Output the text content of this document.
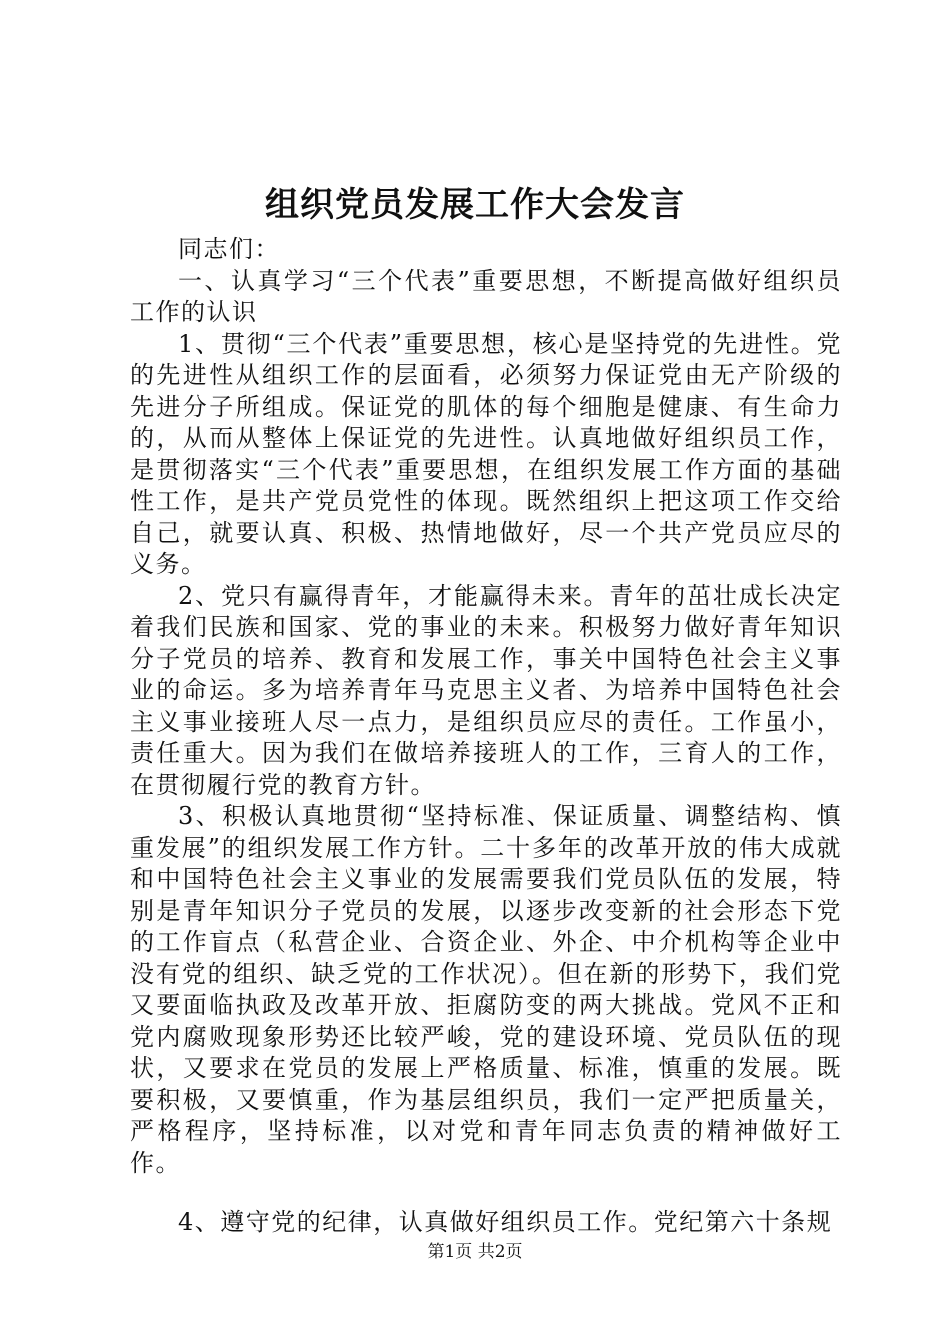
组织党员发展工作大会发言

同志们：

一、认真学习“三个代表”重要思想，不断提高做好组织员工作的认识

1、贯彻“三个代表”重要思想，核心是坚持党的先进性。党的先进性从组织工作的层面看，必须努力保证党由无产阶级的先进分子所组成。保证党的肌体的每个细胞是健康、有生命力的，从而从整体上保证党的先进性。认真地做好组织员工作，是贯彻落实“三个代表”重要思想，在组织发展工作方面的基础性工作，是共产党员党性的体现。既然组织上把这项工作交给自己，就要认真、积极、热情地做好，尽一个共产党员应尽的义务。

2、党只有赢得青年，才能赢得未来。青年的茁壮成长决定着我们民族和国家、党的事业的未来。积极努力做好青年知识分子党员的培养、教育和发展工作，事关中国特色社会主义事业的命运。多为培养青年马克思主义者、为培养中国特色社会主义事业接班人尽一点力，是组织员应尽的责任。工作虽小，责任重大。因为我们在做培养接班人的工作，三育人的工作，在贯彻履行党的教育方针。

3、积极认真地贯彻“坚持标准、保证质量、调整结构、慎重发展”的组织发展工作方针。二十多年的改革开放的伟大成就和中国特色社会主义事业的发展需要我们党员队伍的发展，特别是青年知识分子党员的发展，以逐步改变新的社会形态下党的工作盲点（私营企业、合资企业、外企、中介机构等企业中没有党的组织、缺乏党的工作状况）。但在新的形势下，我们党又要面临执政及改革开放、拒腐防变的两大挑战。党风不正和党内腐败现象形势还比较严峻，党的建设环境、党员队伍的现状，又要求在党员的发展上严格质量、标准，慎重的发展。既要积极，又要慎重，作为基层组织员，我们一定严把质量关，严格程序，坚持标准，以对党和青年同志负责的精神做好工作。

4、遵守党的纪律，认真做好组织员工作。党纪第六十条规

第1页 共2页
